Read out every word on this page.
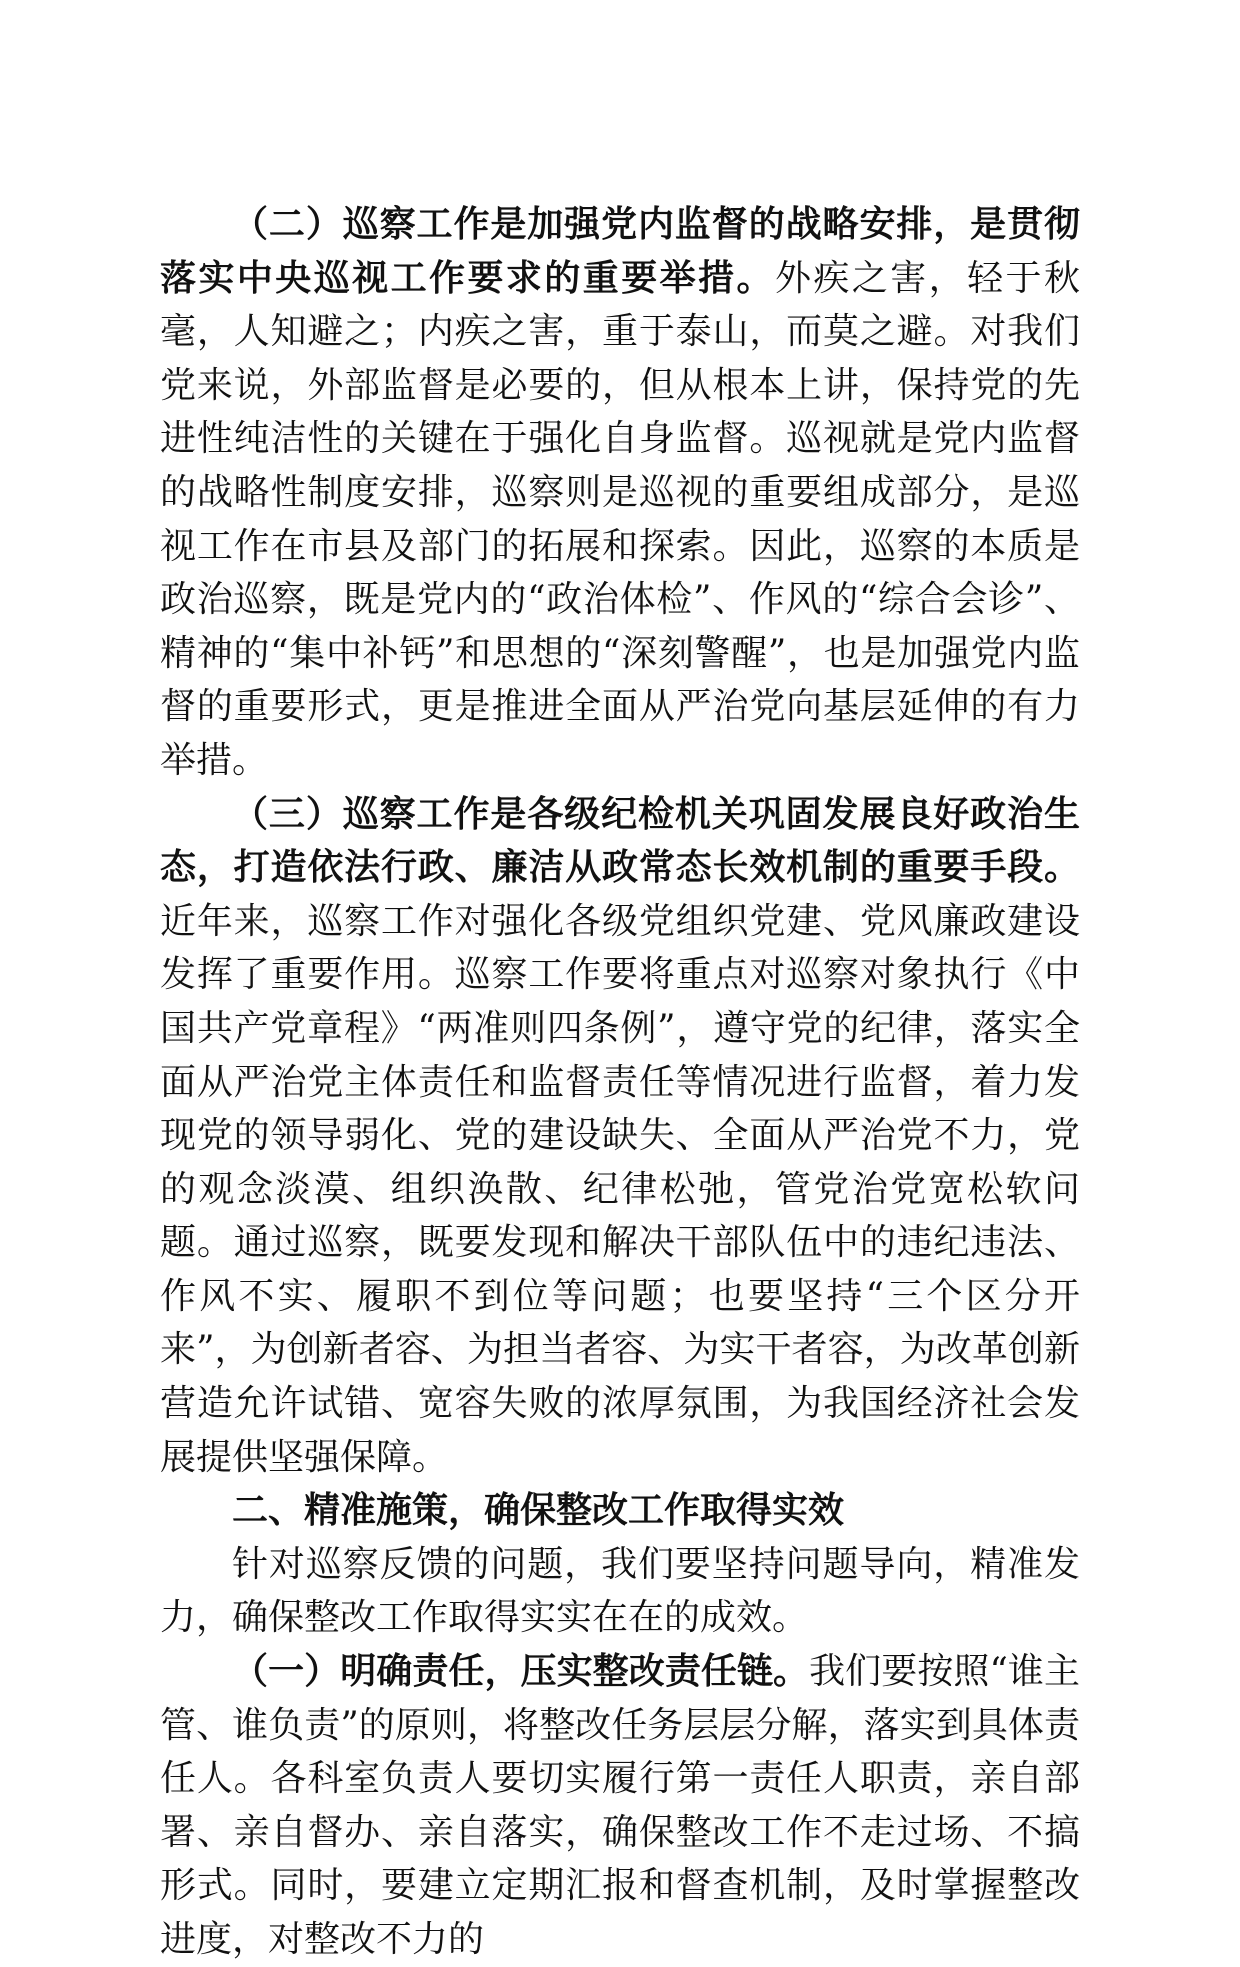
（二）巡察工作是加强党内监督的战略安排，是贯彻落实中央巡视工作要求的重要举措。外疾之害，轻于秋毫，人知避之；内疾之害，重于泰山，而莫之避。对我们党来说，外部监督是必要的，但从根本上讲，保持党的先进性纯洁性的关键在于强化自身监督。巡视就是党内监督的战略性制度安排，巡察则是巡视的重要组成部分，是巡视工作在市县及部门的拓展和探索。因此，巡察的本质是政治巡察，既是党内的“政治体检”、作风的“综合会诊”、精神的“集中补钙”和思想的“深刻警醒”，也是加强党内监督的重要形式，更是推进全面从严治党向基层延伸的有力举措。

（三）巡察工作是各级纪检机关巩固发展良好政治生态，打造依法行政、廉洁从政常态长效机制的重要手段。近年来，巡察工作对强化各级党组织党建、党风廉政建设发挥了重要作用。巡察工作要将重点对巡察对象执行《中国共产党章程》“两准则四条例”，遵守党的纪律，落实全面从严治党主体责任和监督责任等情况进行监督，着力发现党的领导弱化、党的建设缺失、全面从严治党不力，党的观念淡漠、组织涣散、纪律松弛，管党治党宽松软问题。通过巡察，既要发现和解决干部队伍中的违纪违法、作风不实、履职不到位等问题；也要坚持“三个区分开来”，为创新者容、为担当者容、为实干者容，为改革创新营造允许试错、宽容失败的浓厚氛围，为我国经济社会发展提供坚强保障。

二、精准施策，确保整改工作取得实效

针对巡察反馈的问题，我们要坚持问题导向，精准发力，确保整改工作取得实实在在的成效。

（一）明确责任，压实整改责任链。我们要按照“谁主管、谁负责”的原则，将整改任务层层分解，落实到具体责任人。各科室负责人要切实履行第一责任人职责，亲自部署、亲自督办、亲自落实，确保整改工作不走过场、不搞形式。同时，要建立定期汇报和督查机制，及时掌握整改进度，对整改不力的
